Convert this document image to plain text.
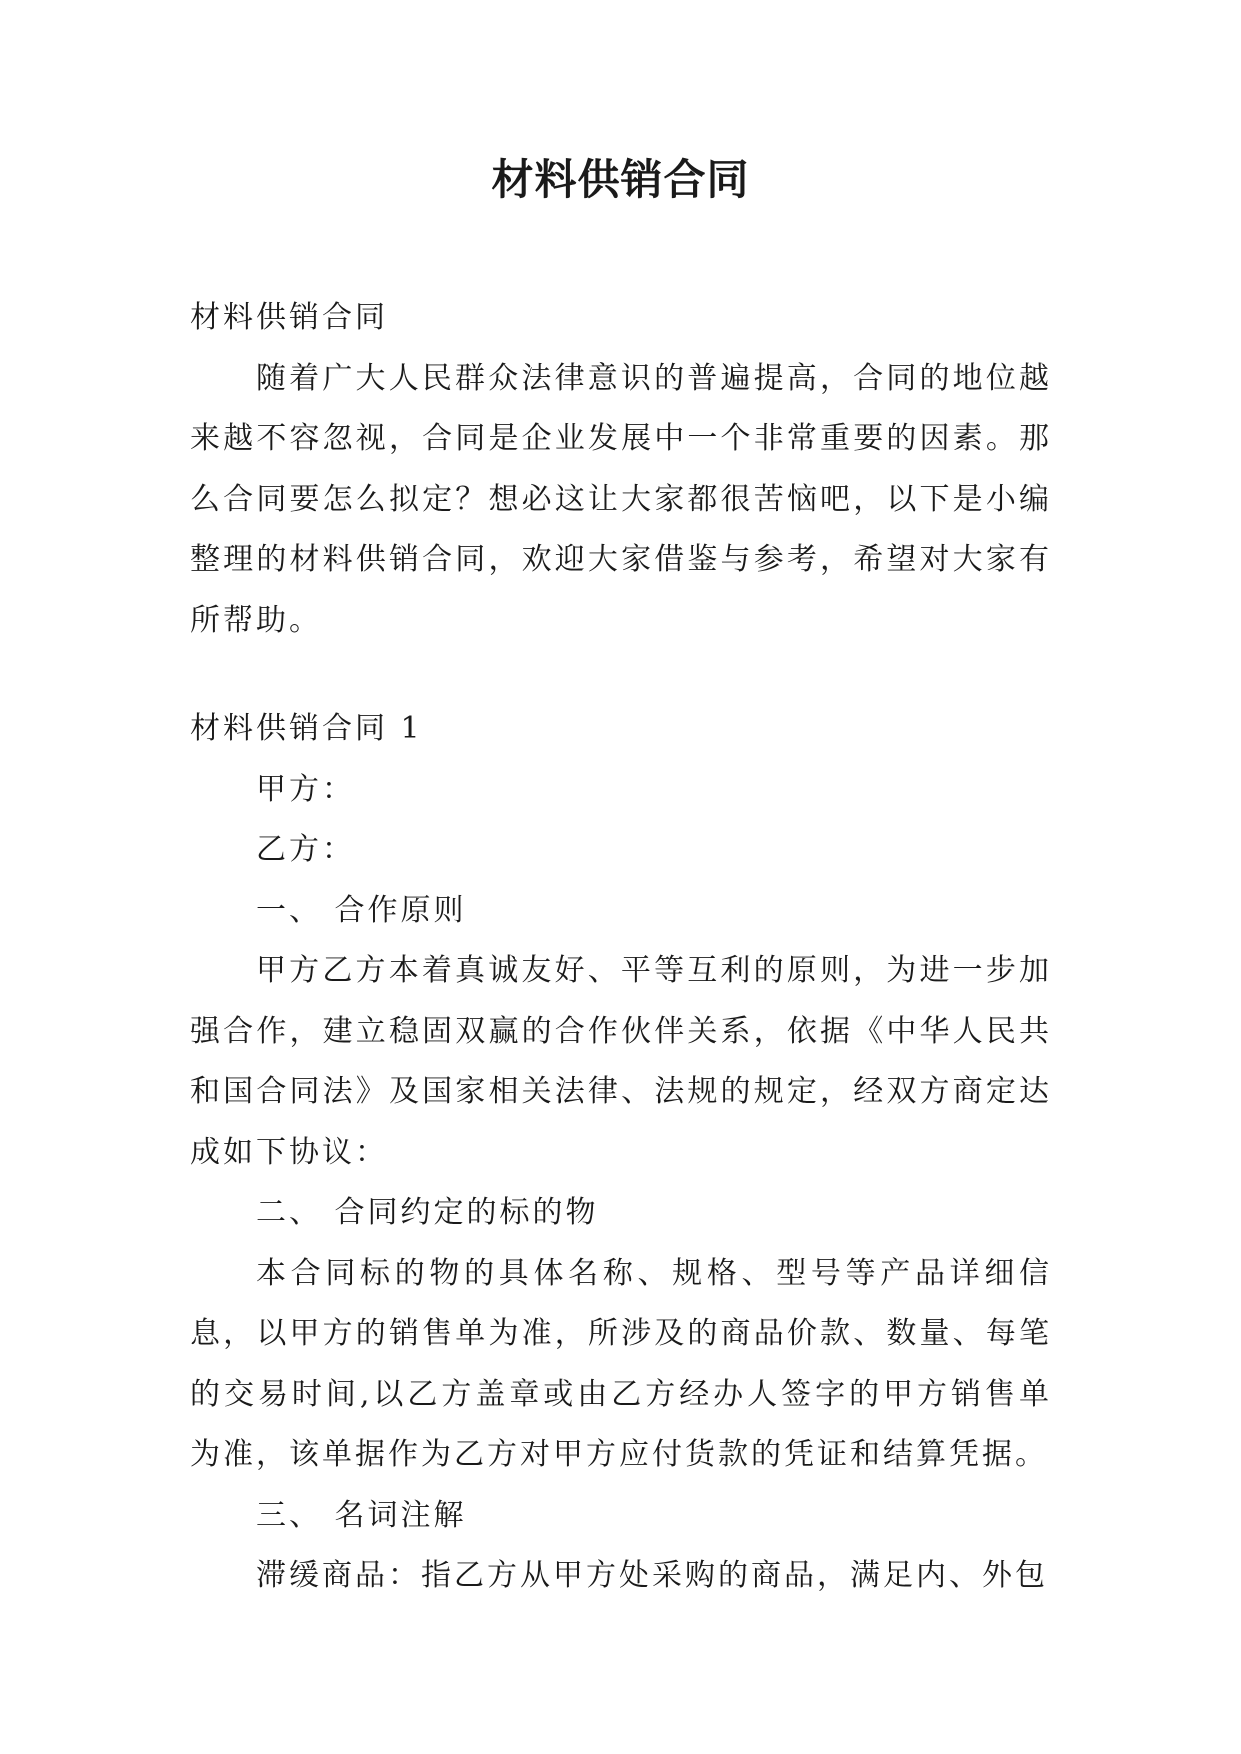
材料供销合同

材料供销合同

随着广大人民群众法律意识的普遍提高，合同的地位越来越不容忽视，合同是企业发展中一个非常重要的因素。那么合同要怎么拟定？想必这让大家都很苦恼吧，以下是小编整理的材料供销合同，欢迎大家借鉴与参考，希望对大家有所帮助。

材料供销合同 1

甲方：

乙方：

一、 合作原则

甲方乙方本着真诚友好、平等互利的原则，为进一步加强合作，建立稳固双赢的合作伙伴关系，依据《中华人民共和国合同法》及国家相关法律、法规的规定，经双方商定达成如下协议：

二、 合同约定的标的物

本合同标的物的具体名称、规格、型号等产品详细信息，以甲方的销售单为准，所涉及的商品价款、数量、每笔的交易时间,以乙方盖章或由乙方经办人签字的甲方销售单为准，该单据作为乙方对甲方应付货款的凭证和结算凭据。

三、 名词注解

滞缓商品：指乙方从甲方处采购的商品，满足内、外包
